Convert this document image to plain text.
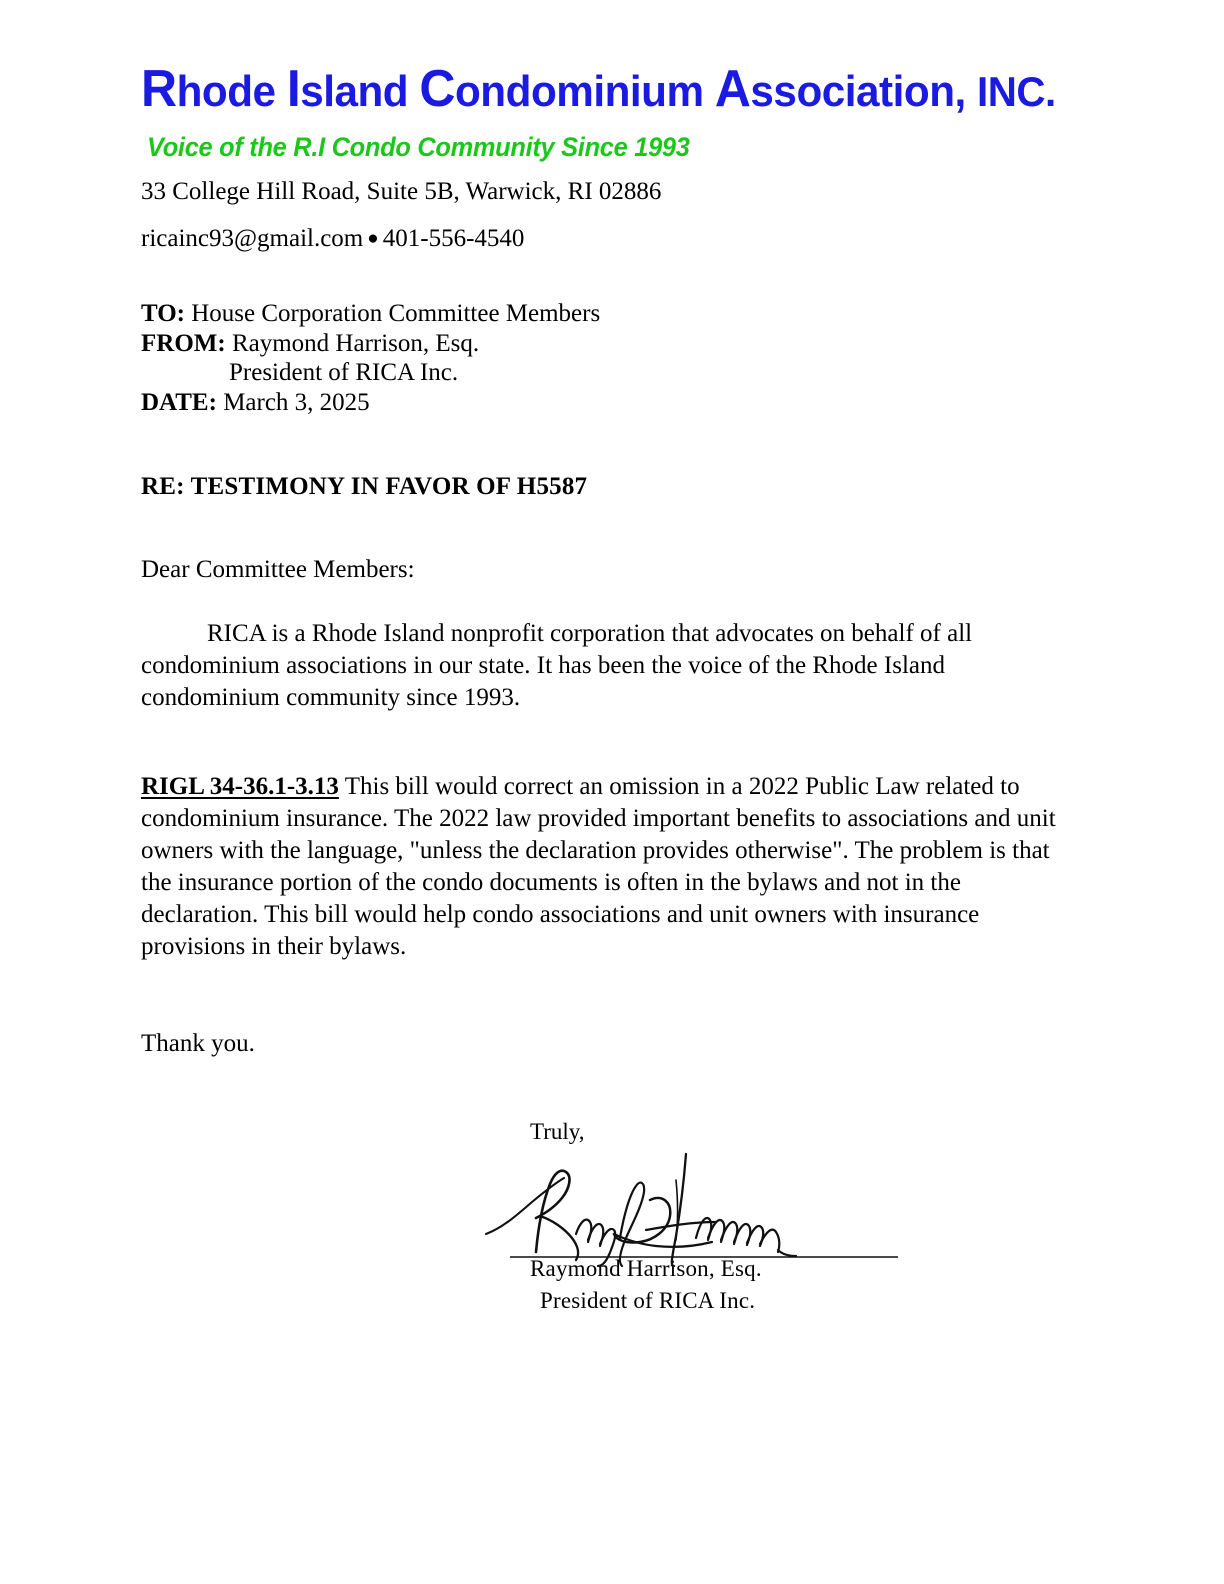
Rhode Island Condominium Association, INC.
Voice of the R.I Condo Community Since 1993
33 College Hill Road, Suite 5B, Warwick, RI 02886
ricainc93@gmail.com ● 401-556-4540
TO: House Corporation Committee Members
FROM: Raymond Harrison, Esq.
President of RICA Inc.
DATE: March 3, 2025
RE: TESTIMONY IN FAVOR OF H5587
Dear Committee Members:
RICA is a Rhode Island nonprofit corporation that advocates on behalf of all condominium associations in our state. It has been the voice of the Rhode Island condominium community since 1993.
RIGL 34-36.1-3.13 This bill would correct an omission in a 2022 Public Law related to condominium insurance. The 2022 law provided important benefits to associations and unit owners with the language, "unless the declaration provides otherwise". The problem is that the insurance portion of the condo documents is often in the bylaws and not in the declaration. This bill would help condo associations and unit owners with insurance provisions in their bylaws.
Thank you.
Truly,
Raymond Harrison, Esq.
President of RICA Inc.
